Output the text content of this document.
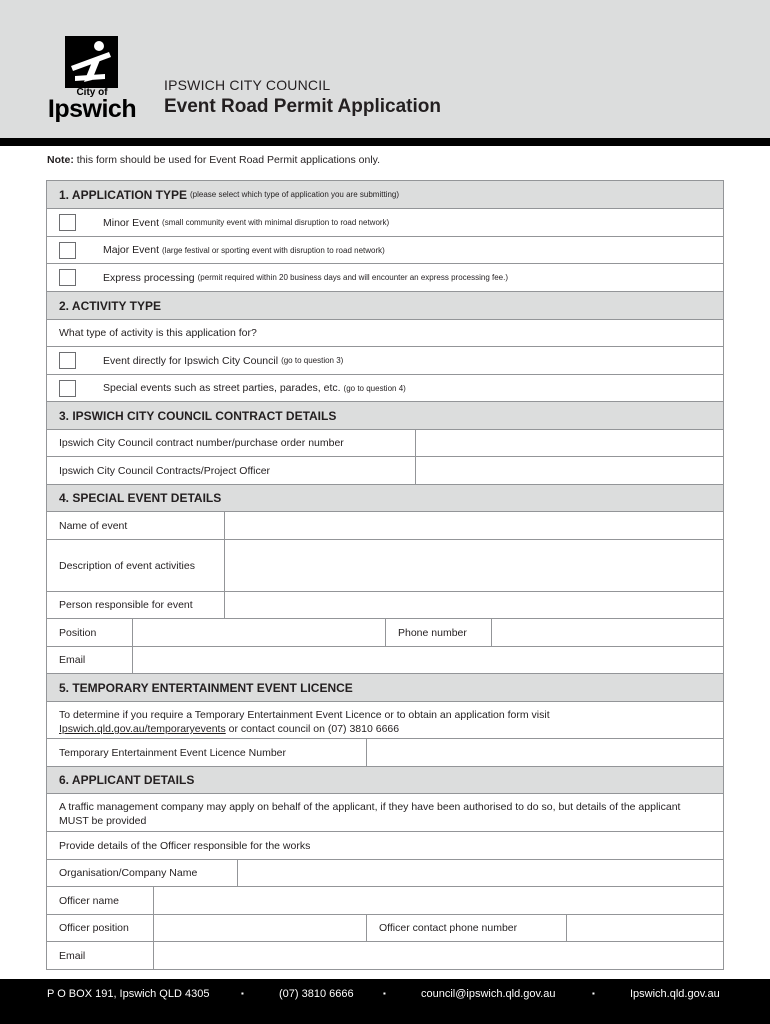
City of
Ipswich
IPSWICH CITY COUNCIL
Event Road Permit Application
Note: this form should be used for Event Road Permit applications only.
1. APPLICATION TYPE (please select which type of application you are submitting)
Minor Event (small community event with minimal disruption to road network)
Major Event (large festival or sporting event with disruption to road network)
Express processing (permit required within 20 business days and will encounter an express processing fee.)
2. ACTIVITY TYPE
What type of activity is this application for?
Event directly for Ipswich City Council (go to question 3)
Special events such as street parties, parades, etc. (go to question 4)
3. IPSWICH CITY COUNCIL CONTRACT DETAILS
Ipswich City Council contract number/purchase order number
Ipswich City Council Contracts/Project Officer
4. SPECIAL EVENT DETAILS
Name of event
Description of event activities
Person responsible for event
Position	Phone number
Email
5. TEMPORARY ENTERTAINMENT EVENT LICENCE
To determine if you require a Temporary Entertainment Event Licence or to obtain an application form visit
Ipswich.qld.gov.au/temporaryevents or contact council on (07) 3810 6666
Temporary Entertainment Event Licence Number
6. APPLICANT DETAILS
A traffic management company may apply on behalf of the applicant, if they have been authorised to do so, but details of the applicant MUST be provided
Provide details of the Officer responsible for the works
Organisation/Company Name
Officer name
Officer position	Officer contact phone number
Email
P O BOX 191, Ipswich QLD 4305	▪	(07) 3810 6666	▪	council@ipswich.qld.gov.au	▪	Ipswich.qld.gov.au
